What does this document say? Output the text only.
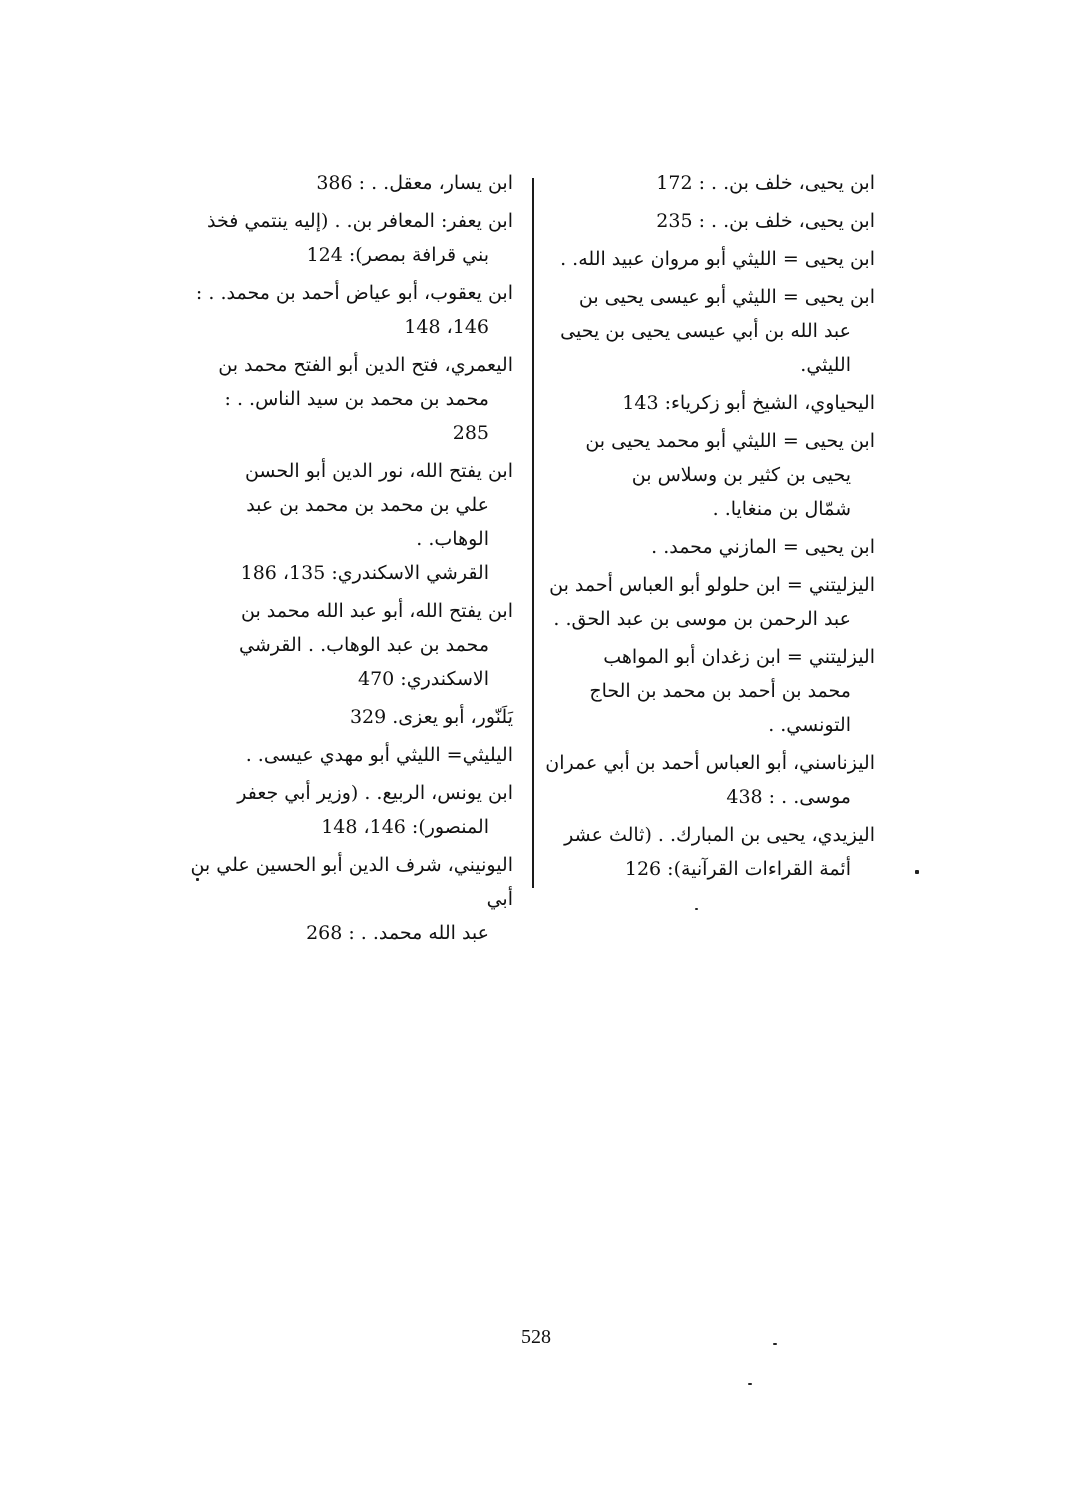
ابن يحيى، خلف بن. . : 172
ابن يحيى، خلف بن. . : 235
ابن يحيى = الليثي أبو مروان عبيد الله. .
ابن يحيى = الليثي أبو عيسى يحيى بن
عبد الله بن أبي عيسى يحيى بن يحيى
الليثي.
اليحياوي، الشيخ أبو زكرياء: 143
ابن يحيى = الليثي أبو محمد يحيى بن
يحيى بن كثير بن وسلاس بن
شمّال بن منغايا. .
ابن يحيى = المازني محمد. .
اليزليتني = ابن حلولو أبو العباس أحمد بن
عبد الرحمن بن موسى بن عبد الحق. .
اليزليتني = ابن زغدان أبو المواهب
محمد بن أحمد بن محمد بن الحاج
التونسي. .
اليزناسني، أبو العباس أحمد بن أبي عمران
موسى. . : 438
اليزيدي، يحيى بن المبارك. . (ثالث عشر
أئمة القراءات القرآنية): 126
ابن يسار، معقل. . : 386
ابن يعفر: المعافر بن. . (إليه ينتمي فخذ
بني قرافة بمصر): 124
ابن يعقوب، أبو عياض أحمد بن محمد. . :
146، 148
اليعمري، فتح الدين أبو الفتح محمد بن
محمد بن محمد بن سيد الناس. . : 285
ابن يفتح الله، نور الدين أبو الحسن
علي بن محمد بن محمد بن عبد الوهاب. .
القرشي الاسكندري: 135، 186
ابن يفتح الله، أبو عبد الله محمد بن
محمد بن عبد الوهاب. . القرشي
الاسكندري: 470
يَلَنّور، أبو يعزى. 329
اليليثي= الليثي أبو مهدي عيسى. .
ابن يونس، الربيع. . (وزير أبي جعفر
المنصور): 146، 148
اليونيني، شرف الدين أبو الحسين علي بن أبي
عبد الله محمد. . : 268
528
